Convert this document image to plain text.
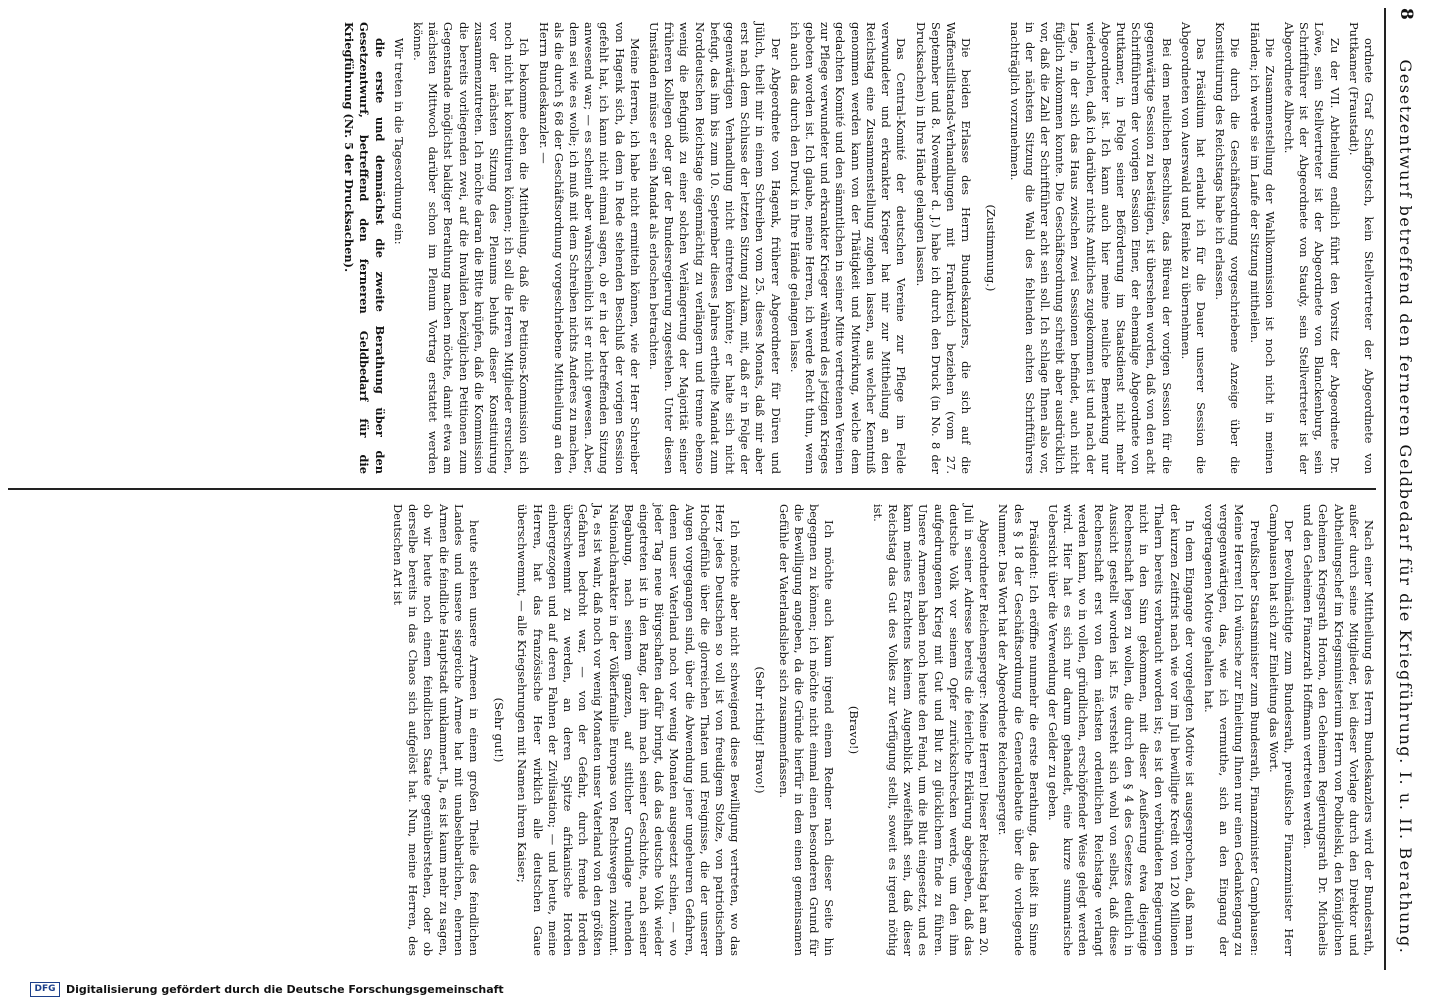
8
Gesetzentwurf betreffend den ferneren Geldbedarf für die Kriegführung. I. u. II. Berathung.

ordnete Graf Schaffgotsch, kein Stellvertreter der Abgeordnete von Puttkamer (Fraustadt).

Zu der VII. Abtheilung endlich führt den Vorsitz der Abgeordnete Dr. Löwe, sein Stellvertreter ist der Abgeordnete von Blanckenburg, sein Schriftführer ist der Abgeordnete von Staudy, sein Stellvertreter ist der Abgeordnete Albrecht.

Die Zusammenstellung der Wahlkommission ist noch nicht in meinen Händen; ich werde sie im Laufe der Sitzung mittheilen.

Die durch die Geschäftsordnung vorgeschriebene Anzeige über die Konstituirung des Reichstags habe ich erlassen.

Das Präsidium hat erlaubt ich für die Dauer unserer Session die Abgeordneten von Auerswald und Reinke zu übernehmen.

Bei dem neulichen Beschlusse, das Büreau der vorigen Session für die gegenwärtige Session zu bestätigen, ist übersehen worden, daß von den acht Schriftführern der vorigen Session Einer, der ehemalige Abgeordnete von Puttkamer, in Folge seiner Beförderung im Staatsdienst nicht mehr Abgeordneter ist. Ich kann auch hier meine neuliche Bemerkung nur wiederholen, daß ich darüber nichts Amtliches zugekommen ist und nach der Lage, in der sich das Haus zwischen zwei Sessionen befindet, auch nicht füglich zukommen konnte. Die Geschäftsordnung schreibt aber ausdrücklich vor, daß die Zahl der Schriftführer acht sein soll. Ich schlage Ihnen also vor, in der nächsten Sitzung die Wahl des fehlenden achten Schriftführers nachträglich vorzunehmen.

(Zustimmung.)

Die beiden Erlasse des Herrn Bundeskanzlers, die sich auf die Waffenstillstands-Verhandlungen mit Frankreich beziehen (vom 27. September und 8. November d. J.) habe ich durch den Druck (in No. 8 der Drucksachen) in Ihre Hände gelangen lassen.

Das Central-Komité der deutschen Vereine zur Pflege im Felde verwundeter und erkrankter Krieger hat mir zur Mittheilung an den Reichstag eine Zusammenstellung zugehen lassen, aus welcher Kenntniß genommen werden kann von der Thätigkeit und Mitwirkung, welche dem gedachten Komité und den sämmtlichen in seiner Mitte vertretenen Vereinen zur Pflege verwundeter und erkrankter Krieger während des jetzigen Krieges geboten worden ist. Ich glaube, meine Herren, ich werde Recht thun, wenn ich auch das durch den Druck in Ihre Hände gelangen lasse.

Der Abgeordnete von Hagenk, früherer Abgeordneter für Düren und Jülich, theilt mir in einem Schreiben vom 25. dieses Monats, daß mir aber erst nach dem Schlusse der letzten Sitzung zukam, mit, daß er in Folge der gegenwärtigen Verhandlung nicht eintreten könnte; er halte sich nicht befugt, das ihm bis zum 10. September dieses Jahres ertheilte Mandat zum Norddeutschen Reichstage eigenmächtig zu verlängern und trenne ebenso wenig die Befugniß zu einer solchen Verlängerung der Majorität seiner früheren Kollegen oder gar der Bundesregierung zugestehen. Unter diesen Umständen müsse er sein Mandat als erloschen betrachten.

Meine Herren, ich habe nicht ermitteln können, wie der Herr Schreiber von Hagenk sich, da dem in Rede stehenden Beschluß der vorigen Session gefehlt hat, ich kann nicht einmal sagen, ob er in der betreffenden Sitzung anwesend war; — es scheint aber wahrscheinlich ist er nicht gewesen. Aber, dem sei wie es wolle; ich muß mit dem Schreiben nichts Anderes zu machen, als die durch § 68 der Geschäftsordnung vorgeschriebene Mittheilung an den Herrn Bundeskanzler. —

Ich bekomme eben die Mittheilung, daß die Petitions-Kommission sich noch nicht hat konstituiren können; ich soll die Herren Mitglieder ersuchen, vor der nächsten Sitzung des Plenums behufs dieser Konstituirung zusammenzutreten. Ich möchte daran die Bitte knüpfen, daß die Kommission die bereits vorliegenden zwei, auf die Invaliden bezüglichen Petitionen zum Gegenstande möglichst baldiger Berathung machen möchte, damit etwa am nächsten Mittwoch darüber schon im Plenum Vortrag erstattet werden könne.

Wir treten in die Tagesordnung ein:

die erste und demnächst die zweite Berathung über den Gesetzentwurf, betreffend den ferneren Geldbedarf für die Kriegführung (Nr. 5 der Drucksachen).

Nach einer Mittheilung des Herrn Bundeskanzlers wird der Bundesrath, außer durch seine Mitglieder, bei dieser Vorlage durch den Direktor und Abtheilungschef im Kriegsministerium Herrn von Podbielski, den Königlichen Geheimen Kriegsrath Horion, den Geheimen Regierungsrath Dr. Michaelis und den Geheimen Finanzrath Hoffmann vertreten werden.

Der Bevollmächtigte zum Bundesrath, preußische Finanzminister Herr Camphausen hat sich zur Einleitung das Wort.

Preußischer Staatsminister zum Bundesrath, Finanzminister Camphausen: Meine Herren! Ich wünsche zur Einleitung Ihnen nur einen Gedankengang zu vergegenwärtigen, das, wie ich vermuthe, sich an den Eingang der vorgetragenen Motive gehalten hat.

In dem Eingange der vorgelegten Motive ist ausgesprochen, daß man in der kurzen Zeitfrist nach wie vor im Juli bewilligte Kredit von 120 Millionen Thalern bereits verbraucht worden ist; es ist den verbündeten Regierungen nicht in den Sinn gekommen, mit dieser Aeußerung etwa diejenige Rechenschaft legen zu wollen, die durch den § 4 des Gesetzes deutlich in Aussicht gestellt worden ist. Es versteht sich wohl von selbst, daß diese Rechenschaft erst von dem nächsten ordentlichen Reichstage verlangt werden kann, wo in vollen, gründlichen, erschöpfender Weise gelegt werden wird. Hier hat es sich nur darum gehandelt, eine kurze summarische Uebersicht über die Verwendung der Gelder zu geben.

Präsident: Ich eröffne nunmehr die erste Berathung, das heißt im Sinne des § 18 der Geschäftsordnung die Generaldebatte über die vorliegende Nummer. Das Wort hat der Abgeordnete Reichensperger.

Abgeordneter Reichensperger: Meine Herren! Dieser Reichstag hat am 20. Juli in seiner Adresse bereits die feierliche Erklärung abgegeben, daß das deutsche Volk vor seinem Opfer zurückschrecken werde, um den ihm aufgedrungenen Krieg mit Gut und Blut zu glücklichem Ende zu führen. Unsere Armeen haben noch heute den Feind, um die Blut eingesetzt, und es kann meines Erachtens keinem Augenblick zweifelhaft sein, daß dieser Reichstag das Gut des Volkes zur Verfügung stellt, soweit es irgend nöthig ist.

(Bravo!)

Ich möchte auch kaum irgend einem Redner nach dieser Seite hin begegnen zu können; ich möchte nicht einmal einen besonderen Grund für die Bewilligung angeben, da die Gründe hierfür in dem einen gemeinsamen Gefühle der Vaterlandsliebe sich zusammenfassen.

(Sehr richtig! Bravo!)

Ich möchte aber nicht schweigend diese Bewilligung vertreten, wo das Herz jedes Deutschen so voll ist von freudigem Stolze, von patriotischem Hochgefühle über die glorreichen Thaten und Ereignisse, die der unserer Augen vorgegangen sind, über die Abwendung jener ungeheuren Gefahren, denen unser Vaterland noch vor wenig Monaten ausgesetzt schien, — wo jeder Tag neue Bürgschaften dafür bringt, daß das deutsche Volk wieder eingetreten ist in den Rang, der ihm nach seiner Geschichte, nach seiner Begabung, nach seinem ganzen, auf sittlicher Grundlage ruhenden Nationalcharakter in der Völkerfamilie Europas von Rechtswegen zukommt. Ja, es ist wahr, daß noch vor wenig Monaten unser Vaterland von den größten Gefahren bedroht war, — von der Gefahr, durch fremde Horden überschwemmt zu werden, an deren Spitze afrikanische Horden einhergezogen und auf deren Fahnen der Zivilisation; — und heute, meine Herren, hat das französische Heer wirklich alle deutschen Gaue überschwemmt, — alle Kriegsehrungen mit Namen ihrem Kaiser;

(Sehr gut!)

heute stehen unsere Armeen in einem großen Theile des feindlichen Landes und unsere siegreiche Armee hat mit unabsehbarlichen, ehernen Armen die feindliche Hauptstadt umklammert. Ja, es ist kaum mehr zu sagen, ob wir heute noch einem feindlichen Staate gegenüberstehen, oder ob derselbe bereits in das Chaos sich aufgelöst hat. Nun, meine Herren, des Deutschen Art ist

DFG Digitalisierung gefördert durch die Deutsche Forschungsgemeinschaft
